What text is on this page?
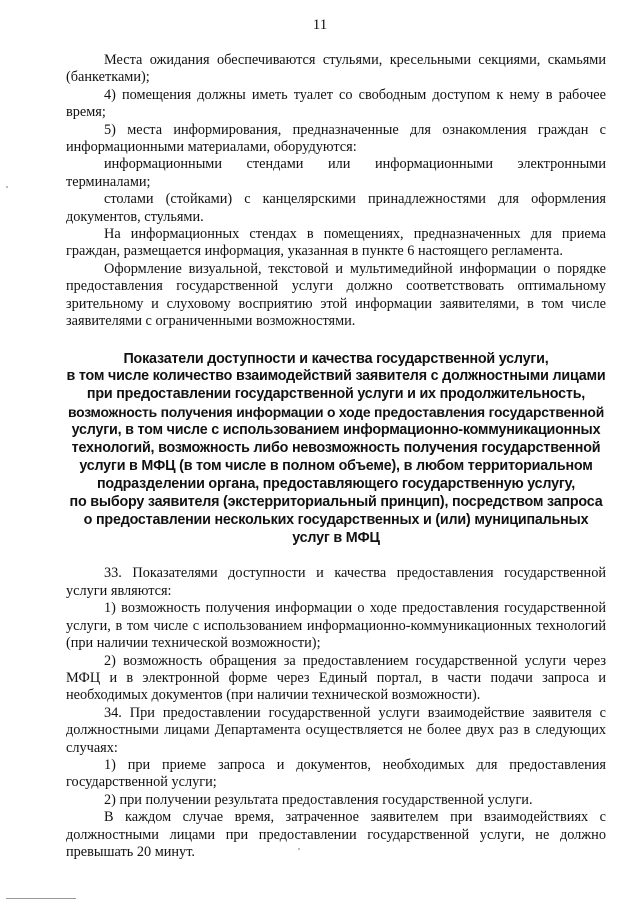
11

Места ожидания обеспечиваются стульями, кресельными секциями, скамьями (банкетками);

4) помещения должны иметь туалет со свободным доступом к нему в рабочее время;

5) места информирования, предназначенные для ознакомления граждан с информационными материалами, оборудуются:

информационными стендами или информационными электронными терминалами;

столами (стойками) с канцелярскими принадлежностями для оформления документов, стульями.

На информационных стендах в помещениях, предназначенных для приема граждан, размещается информация, указанная в пункте 6 настоящего регламента.

Оформление визуальной, текстовой и мультимедийной информации о порядке предоставления государственной услуги должно соответствовать оптимальному зрительному и слуховому восприятию этой информации заявителями, в том числе заявителями с ограниченными возможностями.

Показатели доступности и качества государственной услуги,
в том числе количество взаимодействий заявителя с должностными лицами
при предоставлении государственной услуги и их продолжительность,
возможность получения информации о ходе предоставления государственной
услуги, в том числе с использованием информационно-коммуникационных
технологий, возможность либо невозможность получения государственной
услуги в МФЦ (в том числе в полном объеме), в любом территориальном
подразделении органа, предоставляющего государственную услугу,
по выбору заявителя (экстерриториальный принцип), посредством запроса
о предоставлении нескольких государственных и (или) муниципальных
услуг в МФЦ

33. Показателями доступности и качества предоставления государственной услуги являются:

1) возможность получения информации о ходе предоставления государственной услуги, в том числе с использованием информационно-коммуникационных технологий (при наличии технической возможности);

2) возможность обращения за предоставлением государственной услуги через МФЦ и в электронной форме через Единый портал, в части подачи запроса и необходимых документов (при наличии технической возможности).

34. При предоставлении государственной услуги взаимодействие заявителя с должностными лицами Департамента осуществляется не более двух раз в следующих случаях:

1) при приеме запроса и документов, необходимых для предоставления государственной услуги;

2) при получении результата предоставления государственной услуги.

В каждом случае время, затраченное заявителем при взаимодействиях с должностными лицами при предоставлении государственной услуги, не должно превышать 20 минут.
